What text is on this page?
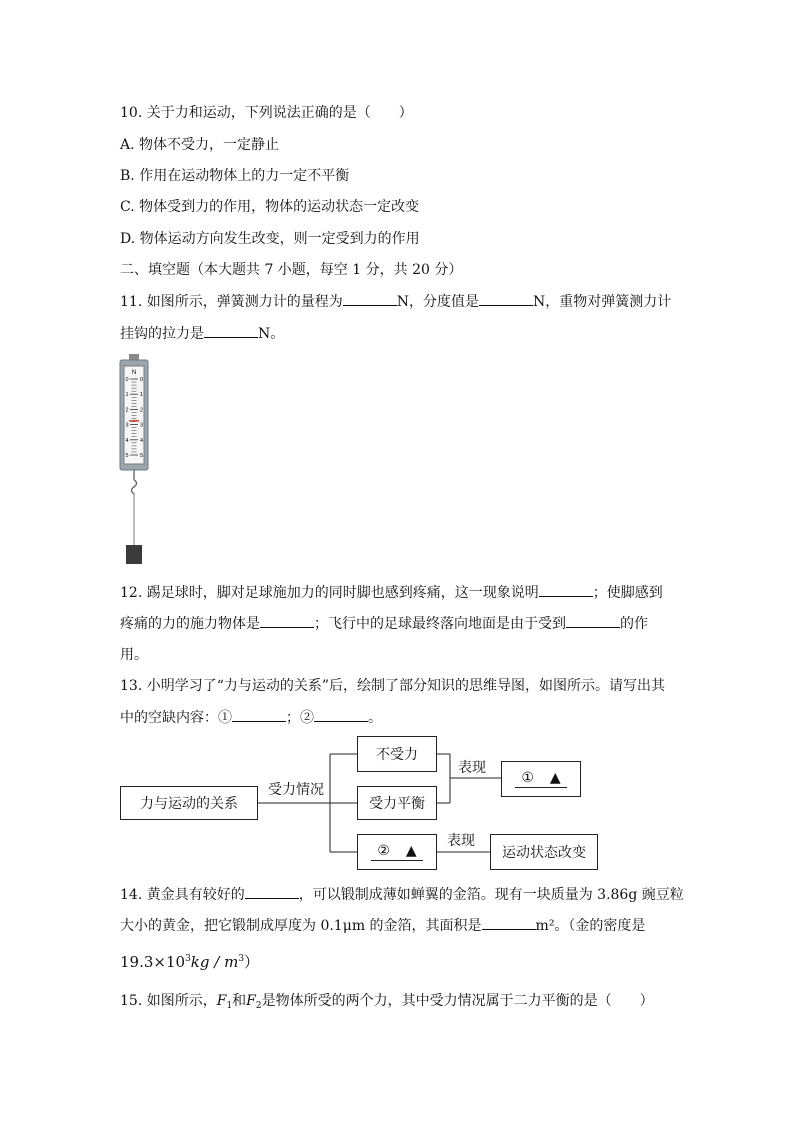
10. 关于力和运动，下列说法正确的是（　　）
A. 物体不受力，一定静止
B. 作用在运动物体上的力一定不平衡
C. 物体受到力的作用，物体的运动状态一定改变
D. 物体运动方向发生改变，则一定受到力的作用
二、填空题（本大题共 7 小题，每空 1 分，共 20 分）
11. 如图所示，弹簧测力计的量程为	N，分度值是	N，重物对弹簧测力计
挂钩的拉力是	N。
N
0
1
2
3
4
5
0
1
2
3
4
5
12. 踢足球时，脚对足球施加力的同时脚也感到疼痛，这一现象说明	；使脚感到
疼痛的力的施力物体是	；飞行中的足球最终落向地面是由于受到	的作
用。
13. 小明学习了“力与运动的关系”后，绘制了部分知识的思维导图，如图所示。请写出其
中的空缺内容：①	；②	。
力与运动的关系
受力情况
不受力
受力平衡
② ▲
表现
① ▲
表现
运动状态改变
14. 黄金具有较好的	，可以锻制成薄如蝉翼的金箔。现有一块质量为 3.86g 豌豆粒
大小的黄金，把它锻制成厚度为 0.1μm 的金箔，其面积是	m²。（金的密度是
$19.3\times 10^3kg / m^3$）
15. 如图所示，$F_1$和$F_2$是物体所受的两个力，其中受力情况属于二力平衡的是（　　）
